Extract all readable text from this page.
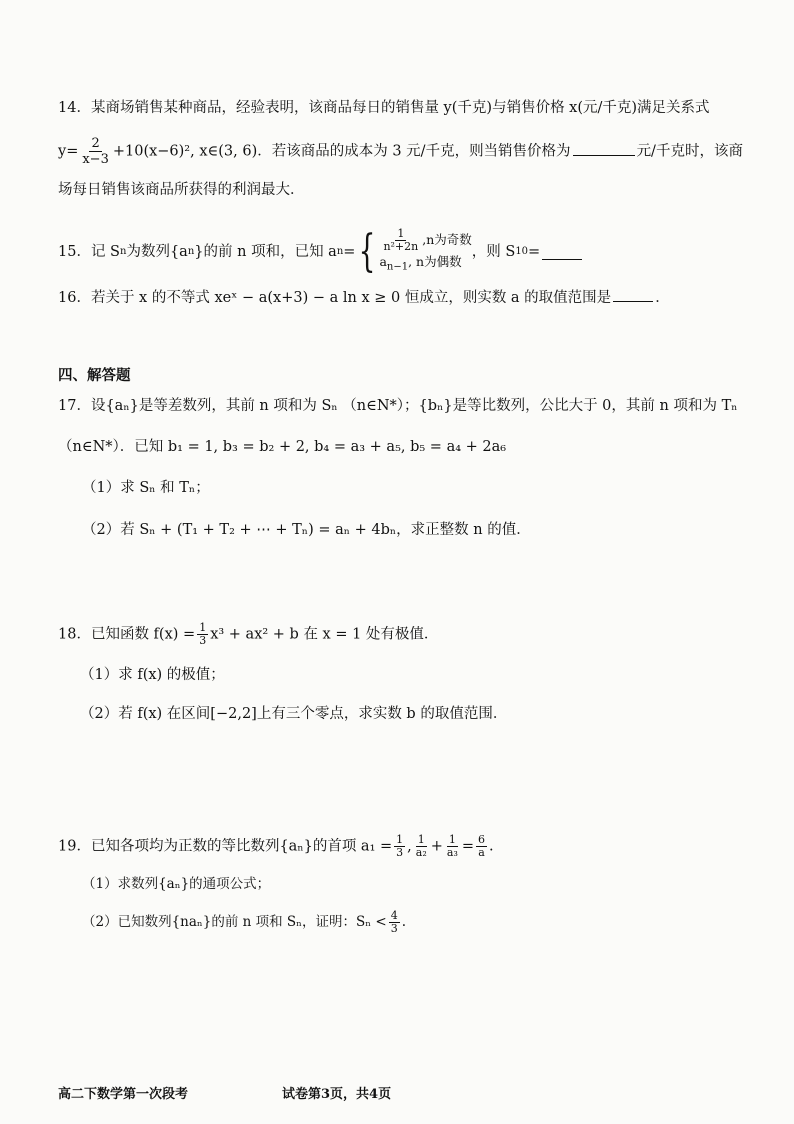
14．某商场销售某种商品，经验表明，该商品每日的销售量 y(千克)与销售价格 x(元/千克)满足关系式
$y= \frac{2}{x-3} +10(x-6)^2$, x∈(3, 6)．若该商品的成本为 3 元/千克，则当销售价格为	元/千克时，该商
场每日销售该商品所获得的利润最大．
15．记 S n 为数列{a n }的前 n 项和，已知 a n = { $\frac{1}{\text{n²+2n}} ,n$为奇数
$a_{n-1}$, n为偶数
，则 S 10 =
16．若关于 x 的不等式 xeˣ − a(x+3) − a ln x ≥ 0 恒成立，则实数 a 的取值范围是	．
四、解答题
17．设{aₙ}是等差数列，其前 n 项和为 Sₙ （n∈N*）；{bₙ}是等比数列，公比大于 0，其前 n 项和为 Tₙ
（n∈N*）．已知 b₁ = 1, b₃ = b₂ + 2, b₄ = a₃ + a₅, b₅ = a₄ + 2a₆
（1）求 Sₙ 和 Tₙ；
（2）若 Sₙ + (T₁ + T₂ + ⋯ + Tₙ) = aₙ + 4bₙ，求正整数 n 的值．
18．已知函数 $f(x) = \frac{1}{3} x^3 + ax^2 + b$ 在 x = 1 处有极值．
（1）求 f(x) 的极值；
（2）若 f(x) 在区间[−2,2]上有三个零点，求实数 b 的取值范围．
19．已知各项均为正数的等比数列{aₙ}的首项 $a_1 = \frac{1}{3}$ , $\frac{1}{\text{a₂}} + \frac{1}{\text{a₃}} = \frac{6}{a}$ .
（1）求数列{aₙ}的通项公式；
（2）已知数列{naₙ}的前 n 项和 Sₙ，证明：$S_n < \frac{4}{3}$ .
高二下数学第一次段考	试卷第3页，共4页
